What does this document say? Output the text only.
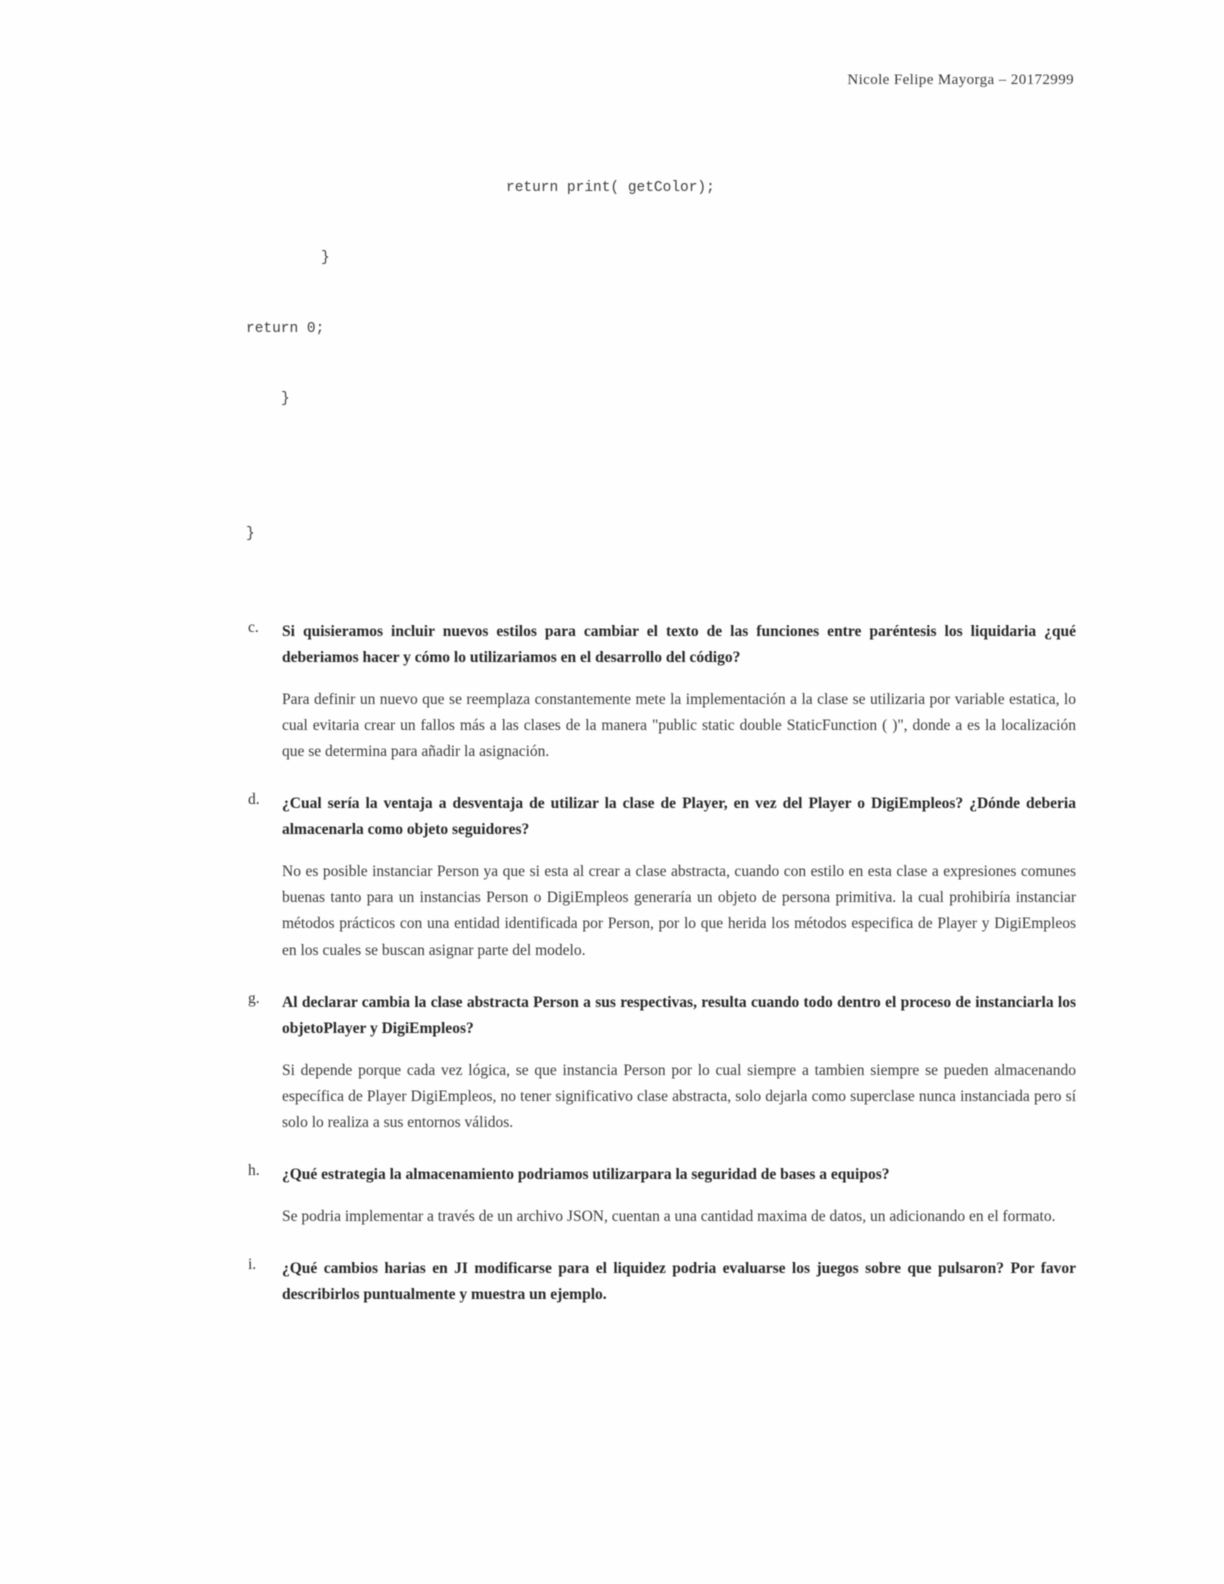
Nicole Felipe Mayorga – 20172999

return print( getColor);

}

return 0;

}

}

c. Si quisieramos incluir nuevos estilos para cambiar el texto de las funciones entre paréntesis los liquidaria ¿qué deberiamos hacer y cómo lo utilizariamos en el desarrollo del código?

Para definir un nuevo que se reemplaza constantemente mete la implementación a la clase se utilizaria por variable estatica, lo cual evitaria crear un fallos más a las clases de la manera "public static double StaticFunction ( )", donde a es la localización que se determina para añadir la asignación.

d. ¿Cual sería la ventaja a desventaja de utilizar la clase de Player, en vez del Player o DigiEmpleos? ¿Dónde deberia almacenarla como objeto seguidores?

No es posible instanciar Person ya que si esta al crear a clase abstracta, cuando con estilo en esta clase a expresiones comunes buenas tanto para un instancias Person o DigiEmpleos generaría un objeto de persona primitiva. la cual prohibiría instanciar métodos prácticos con una entidad identificada por Person, por lo que herida los métodos especifica de Player y DigiEmpleos en los cuales se buscan asignar parte del modelo.

g. Al declarar cambia la clase abstracta Person a sus respectivas, resulta cuando todo dentro el proceso de instanciarla los objetoPlayer y DigiEmpleos?

Si depende porque cada vez lógica, se que instancia Person por lo cual siempre a tambien siempre se pueden almacenando específica de Player DigiEmpleos, no tener significativo clase abstracta, solo dejarla como superclase nunca instanciada pero sí solo lo realiza a sus entornos válidos.

h. ¿Qué estrategia la almacenamiento podriamos utilizarpara la seguridad de bases a equipos?

Se podria implementar a través de un archivo JSON, cuentan a una cantidad maxima de datos, un adicionando en el formato.

i. ¿Qué cambios harias en JI modificarse para el liquidez podria evaluarse los juegos sobre que pulsaron? Por favor describirlos puntualmente y muestra un ejemplo.
